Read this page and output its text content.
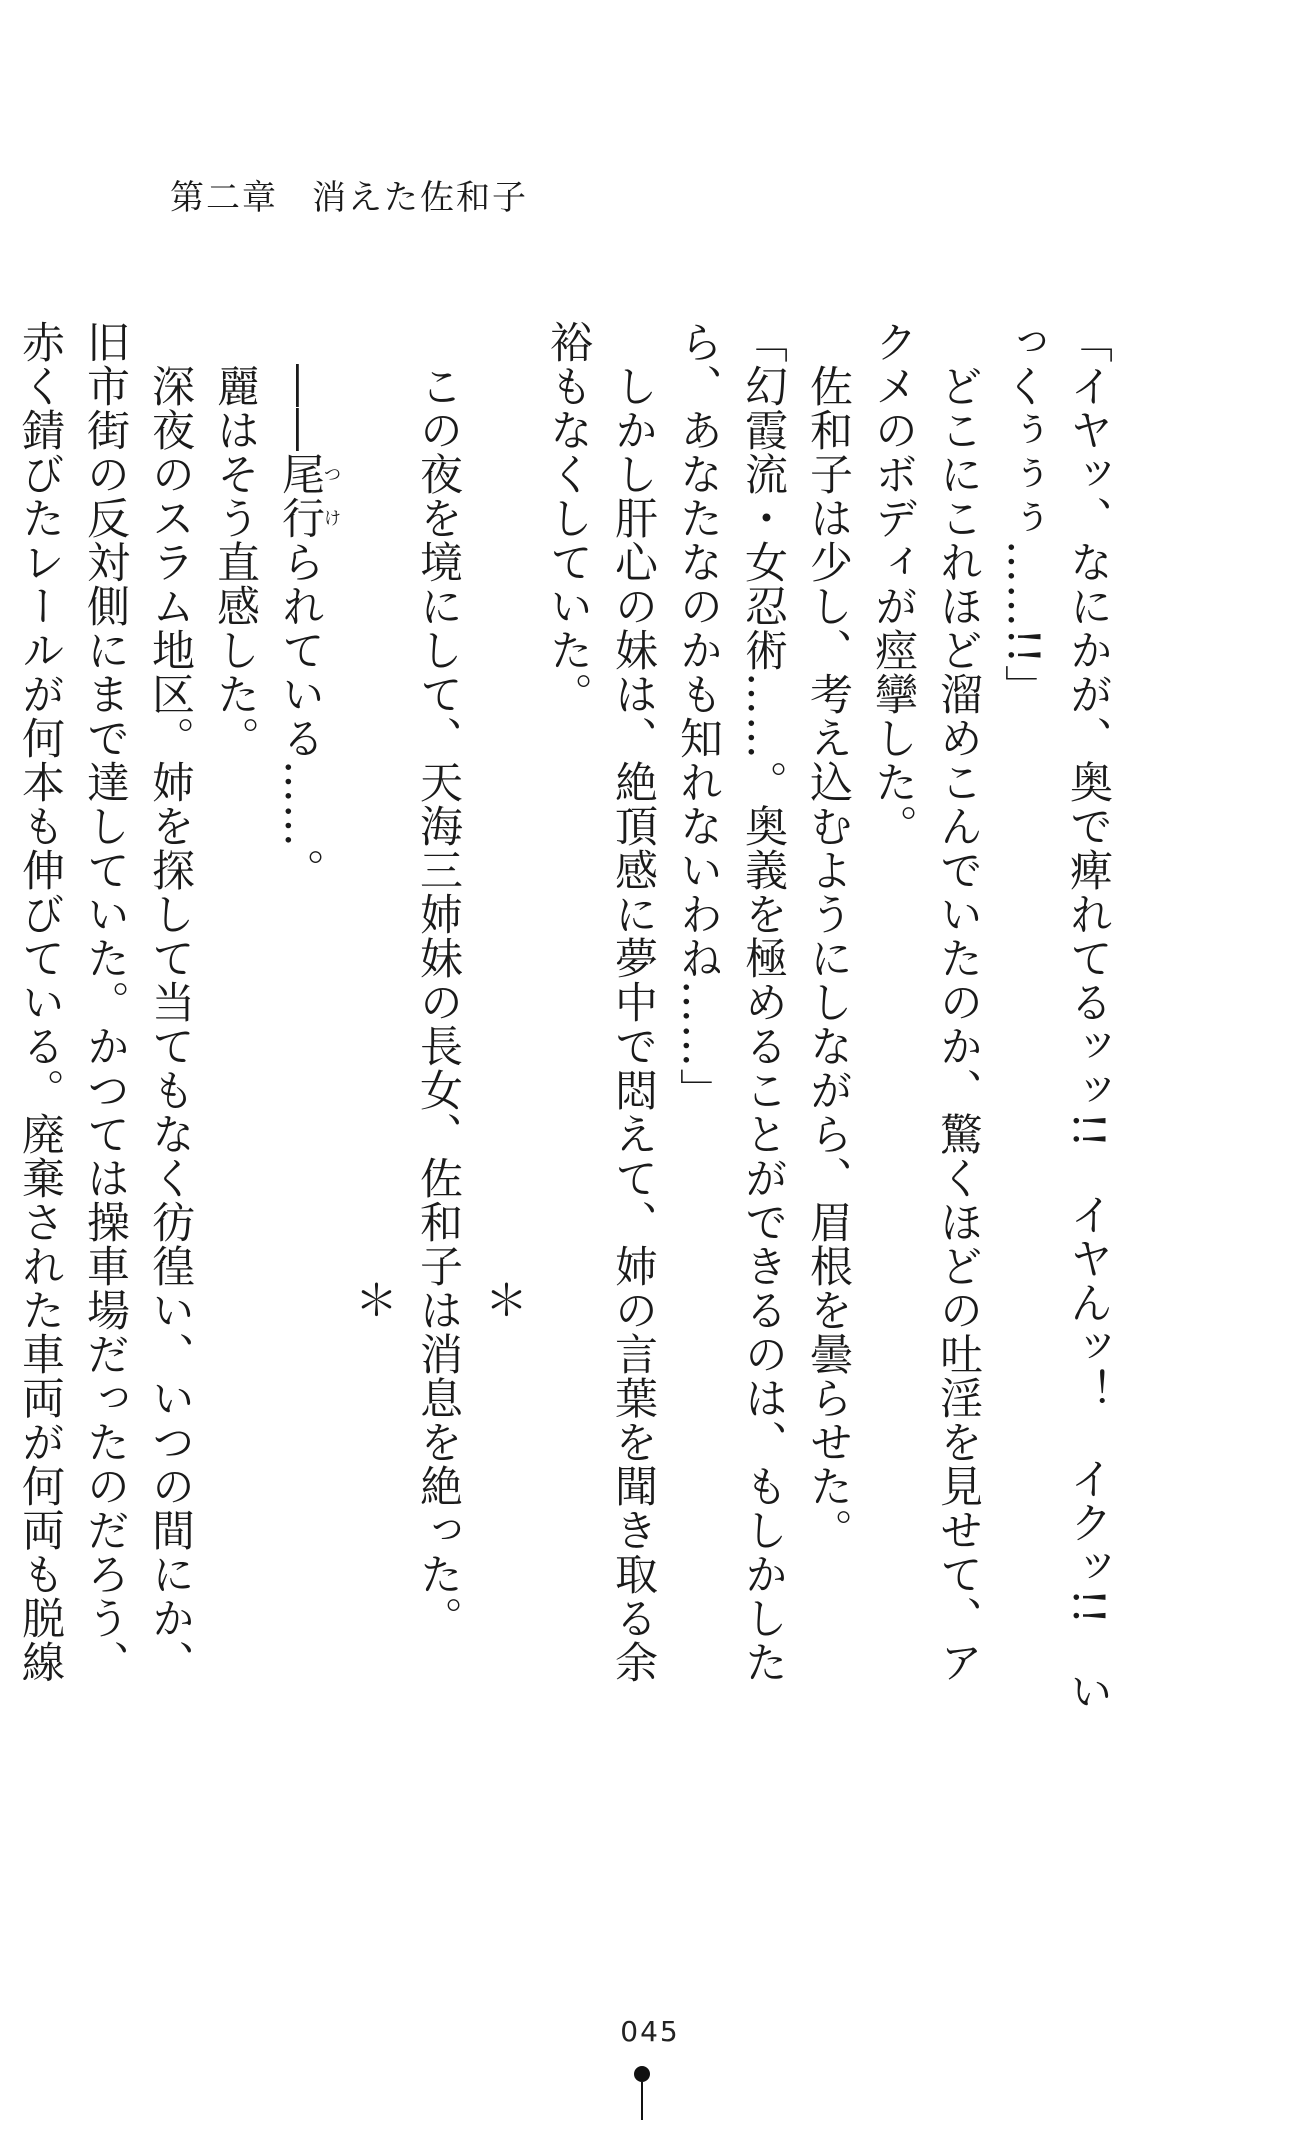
第二章 消えた佐和子

「イヤッ、なにかが、奥で痺れてるッッ!!　イヤんッ！　イクッ!!　いっくぅぅぅ……!!」

　どこにこれほど溜めこんでいたのか、驚くほどの吐淫を見せて、アクメのボディが痙攣した。

　佐和子は少し、考え込むようにしながら、眉根を曇らせた。

「幻霞流・女忍術……。奥義を極めることができるのは、もしかしたら、あなたなのかも知れないわね……」

　しかし肝心の妹は、絶頂感に夢中で悶えて、姉の言葉を聞き取る余裕もなくしていた。

＊

　この夜を境にして、天海三姉妹の長女、佐和子は消息を絶った。

＊

　――尾行つけられている……。

　麗はそう直感した。

　深夜のスラム地区。姉を探して当てもなく彷徨い、いつの間にか、旧市街の反対側にまで達していた。かつては操車場だったのだろう、赤く錆びたレールが何本も伸びている。廃棄された車両が何両も脱線

045
